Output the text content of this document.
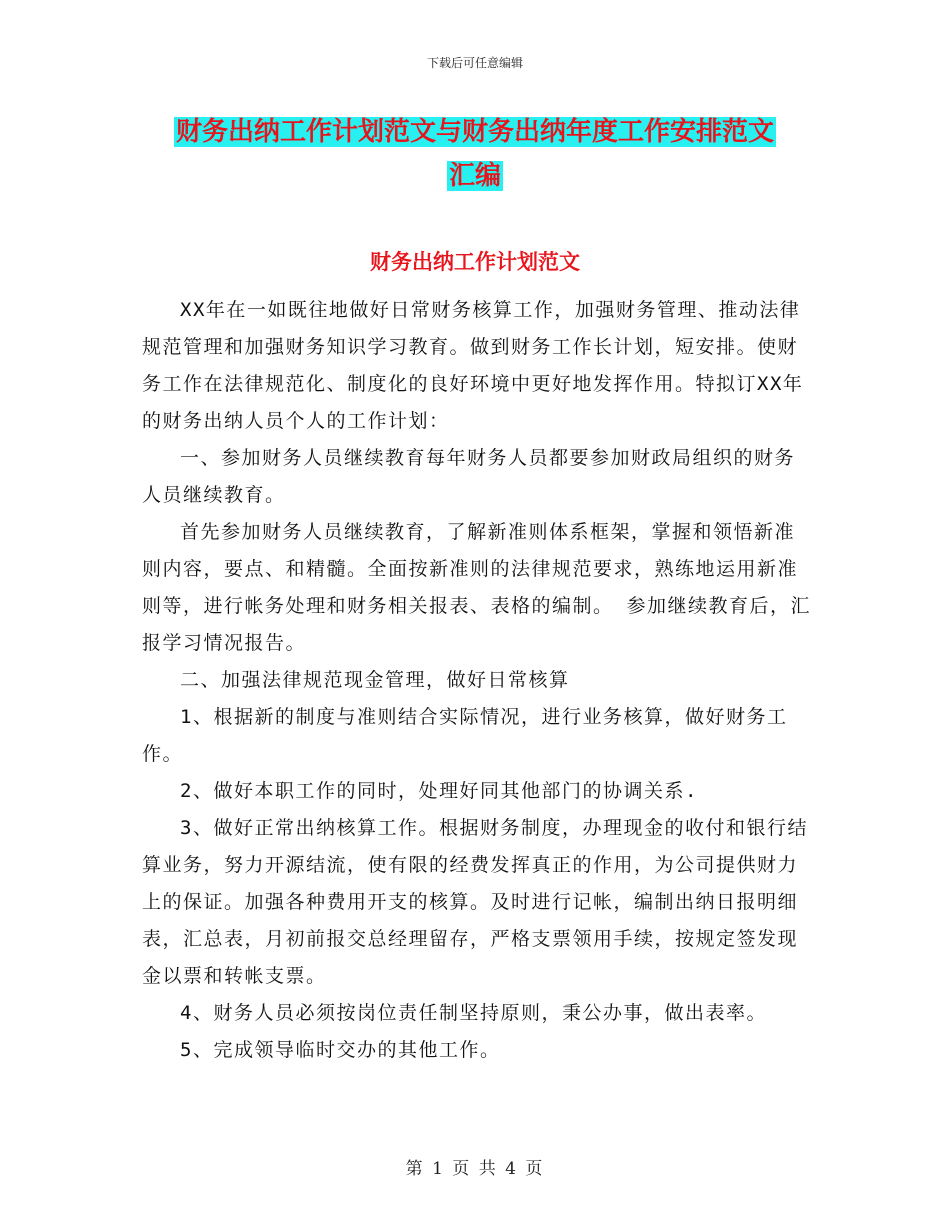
下载后可任意编辑
财务出纳工作计划范文与财务出纳年度工作安排范文
汇编
财务出纳工作计划范文

XX年在一如既往地做好日常财务核算工作，加强财务管理、推动法律规范管理和加强财务知识学习教育。做到财务工作长计划，短安排。使财务工作在法律规范化、制度化的良好环境中更好地发挥作用。特拟订XX年的财务出纳人员个人的工作计划：

一、参加财务人员继续教育每年财务人员都要参加财政局组织的财务人员继续教育。

首先参加财务人员继续教育，了解新准则体系框架，掌握和领悟新准则内容，要点、和精髓。全面按新准则的法律规范要求，熟练地运用新准则等，进行帐务处理和财务相关报表、表格的编制。 参加继续教育后，汇报学习情况报告。

二、加强法律规范现金管理，做好日常核算

1、根据新的制度与准则结合实际情况，进行业务核算，做好财务工作。

2、做好本职工作的同时，处理好同其他部门的协调关系.

3、做好正常出纳核算工作。根据财务制度，办理现金的收付和银行结算业务，努力开源结流，使有限的经费发挥真正的作用，为公司提供财力上的保证。加强各种费用开支的核算。及时进行记帐，编制出纳日报明细表，汇总表，月初前报交总经理留存，严格支票领用手续，按规定签发现金以票和转帐支票。

4、财务人员必须按岗位责任制坚持原则，秉公办事，做出表率。

5、完成领导临时交办的其他工作。

第 1 页 共 4 页
